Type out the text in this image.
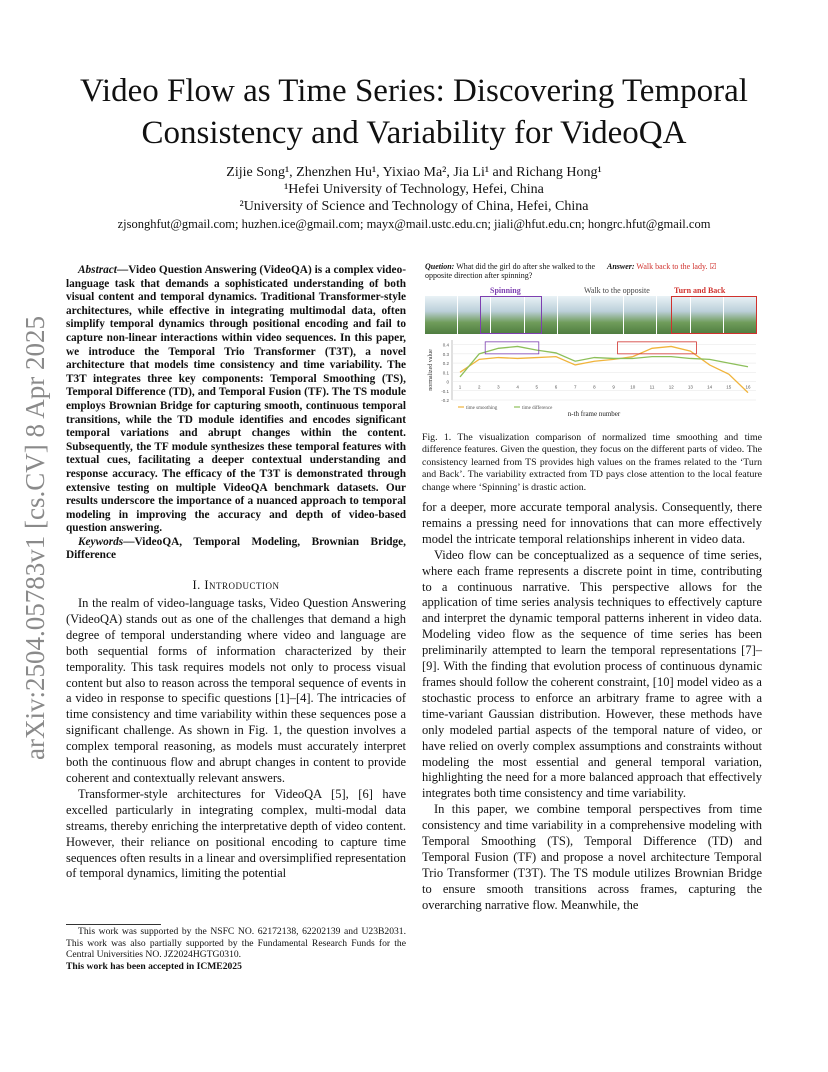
arXiv:2504.05783v1 [cs.CV] 8 Apr 2025
Video Flow as Time Series: Discovering Temporal
Consistency and Variability for VideoQA
Zijie Song¹, Zhenzhen Hu¹, Yixiao Ma², Jia Li¹ and Richang Hong¹
¹Hefei University of Technology, Hefei, China
²University of Science and Technology of China, Hefei, China
zjsonghfut@gmail.com; huzhen.ice@gmail.com; mayx@mail.ustc.edu.cn; jiali@hfut.edu.cn; hongrc.hfut@gmail.com

Abstract—Video Question Answering (VideoQA) is a complex video-language task that demands a sophisticated understanding of both visual content and temporal dynamics. Traditional Transformer-style architectures, while effective in integrating multimodal data, often simplify temporal dynamics through positional encoding and fail to capture non-linear interactions within video sequences. In this paper, we introduce the Temporal Trio Transformer (T3T), a novel architecture that models time consistency and time variability. The T3T integrates three key components: Temporal Smoothing (TS), Temporal Difference (TD), and Temporal Fusion (TF). The TS module employs Brownian Bridge for capturing smooth, continuous temporal transitions, while the TD module identifies and encodes significant temporal variations and abrupt changes within the content. Subsequently, the TF module synthesizes these temporal features with textual cues, facilitating a deeper contextual understanding and response accuracy. The efficacy of the T3T is demonstrated through extensive testing on multiple VideoQA benchmark datasets. Our results underscore the importance of a nuanced approach to temporal modeling in improving the accuracy and depth of video-based question answering.

Keywords—VideoQA, Temporal Modeling, Brownian Bridge, Difference

I. Introduction

In the realm of video-language tasks, Video Question Answering (VideoQA) stands out as one of the challenges that demand a high degree of temporal understanding where video and language are both sequential forms of information characterized by their temporality. This task requires models not only to process visual content but also to reason across the temporal sequence of events in a video in response to specific questions [1]–[4]. The intricacies of time consistency and time variability within these sequences pose a significant challenge. As shown in Fig. 1, the question involves a complex temporal reasoning, as models must accurately interpret both the continuous flow and abrupt changes in content to provide coherent and contextually relevant answers.

Transformer-style architectures for VideoQA [5], [6] have excelled particularly in integrating complex, multi-modal data streams, thereby enriching the interpretative depth of video content. However, their reliance on positional encoding to capture time sequences often results in a linear and oversimplified representation of temporal dynamics, limiting the potential

This work was supported by the NSFC NO. 62172138, 62202139 and U23B2031. This work was also partially supported by the Fundamental Research Funds for the Central Universities NO. JZ2024HGTG0310.

This work has been accepted in ICME2025

Quetion: What did the girl do after she walked to the opposite direction after spinning?
Answer: Walk back to the lady. ☑
Spinning	Walk to the opposite	Turn and Back
-0.2
-0.1
0
0.1
0.2
0.3
0.4
1	2	3	4	5	6	7	8	9	10	11	12	13	14	15	16
normalized value
n-th frame number
time smoothing	time difference
Fig. 1. The visualization comparison of normalized time smoothing and time difference features. Given the question, they focus on the different parts of video. The consistency learned from TS provides high values on the frames related to the ‘Turn and Back’. The variability extracted from TD pays close attention to the local feature change where ‘Spinning’ is drastic action.

for a deeper, more accurate temporal analysis. Consequently, there remains a pressing need for innovations that can more effectively model the intricate temporal relationships inherent in video data.

Video flow can be conceptualized as a sequence of time series, where each frame represents a discrete point in time, contributing to a continuous narrative. This perspective allows for the application of time series analysis techniques to effectively capture and interpret the dynamic temporal patterns inherent in video data. Modeling video flow as the sequence of time series has been preliminarily attempted to learn the temporal representations [7]–[9]. With the finding that evolution process of continuous dynamic frames should follow the coherent constraint, [10] model video as a stochastic process to enforce an arbitrary frame to agree with a time-variant Gaussian distribution. However, these methods have only modeled partial aspects of the temporal nature of video, or have relied on overly complex assumptions and constraints without modeling the most essential and general temporal variation, highlighting the need for a more balanced approach that effectively integrates both time consistency and time variability.

In this paper, we combine temporal perspectives from time consistency and time variability in a comprehensive modeling with Temporal Smoothing (TS), Temporal Difference (TD) and Temporal Fusion (TF) and propose a novel architecture Temporal Trio Transformer (T3T). The TS module utilizes Brownian Bridge to ensure smooth transitions across frames, capturing the overarching narrative flow. Meanwhile, the
